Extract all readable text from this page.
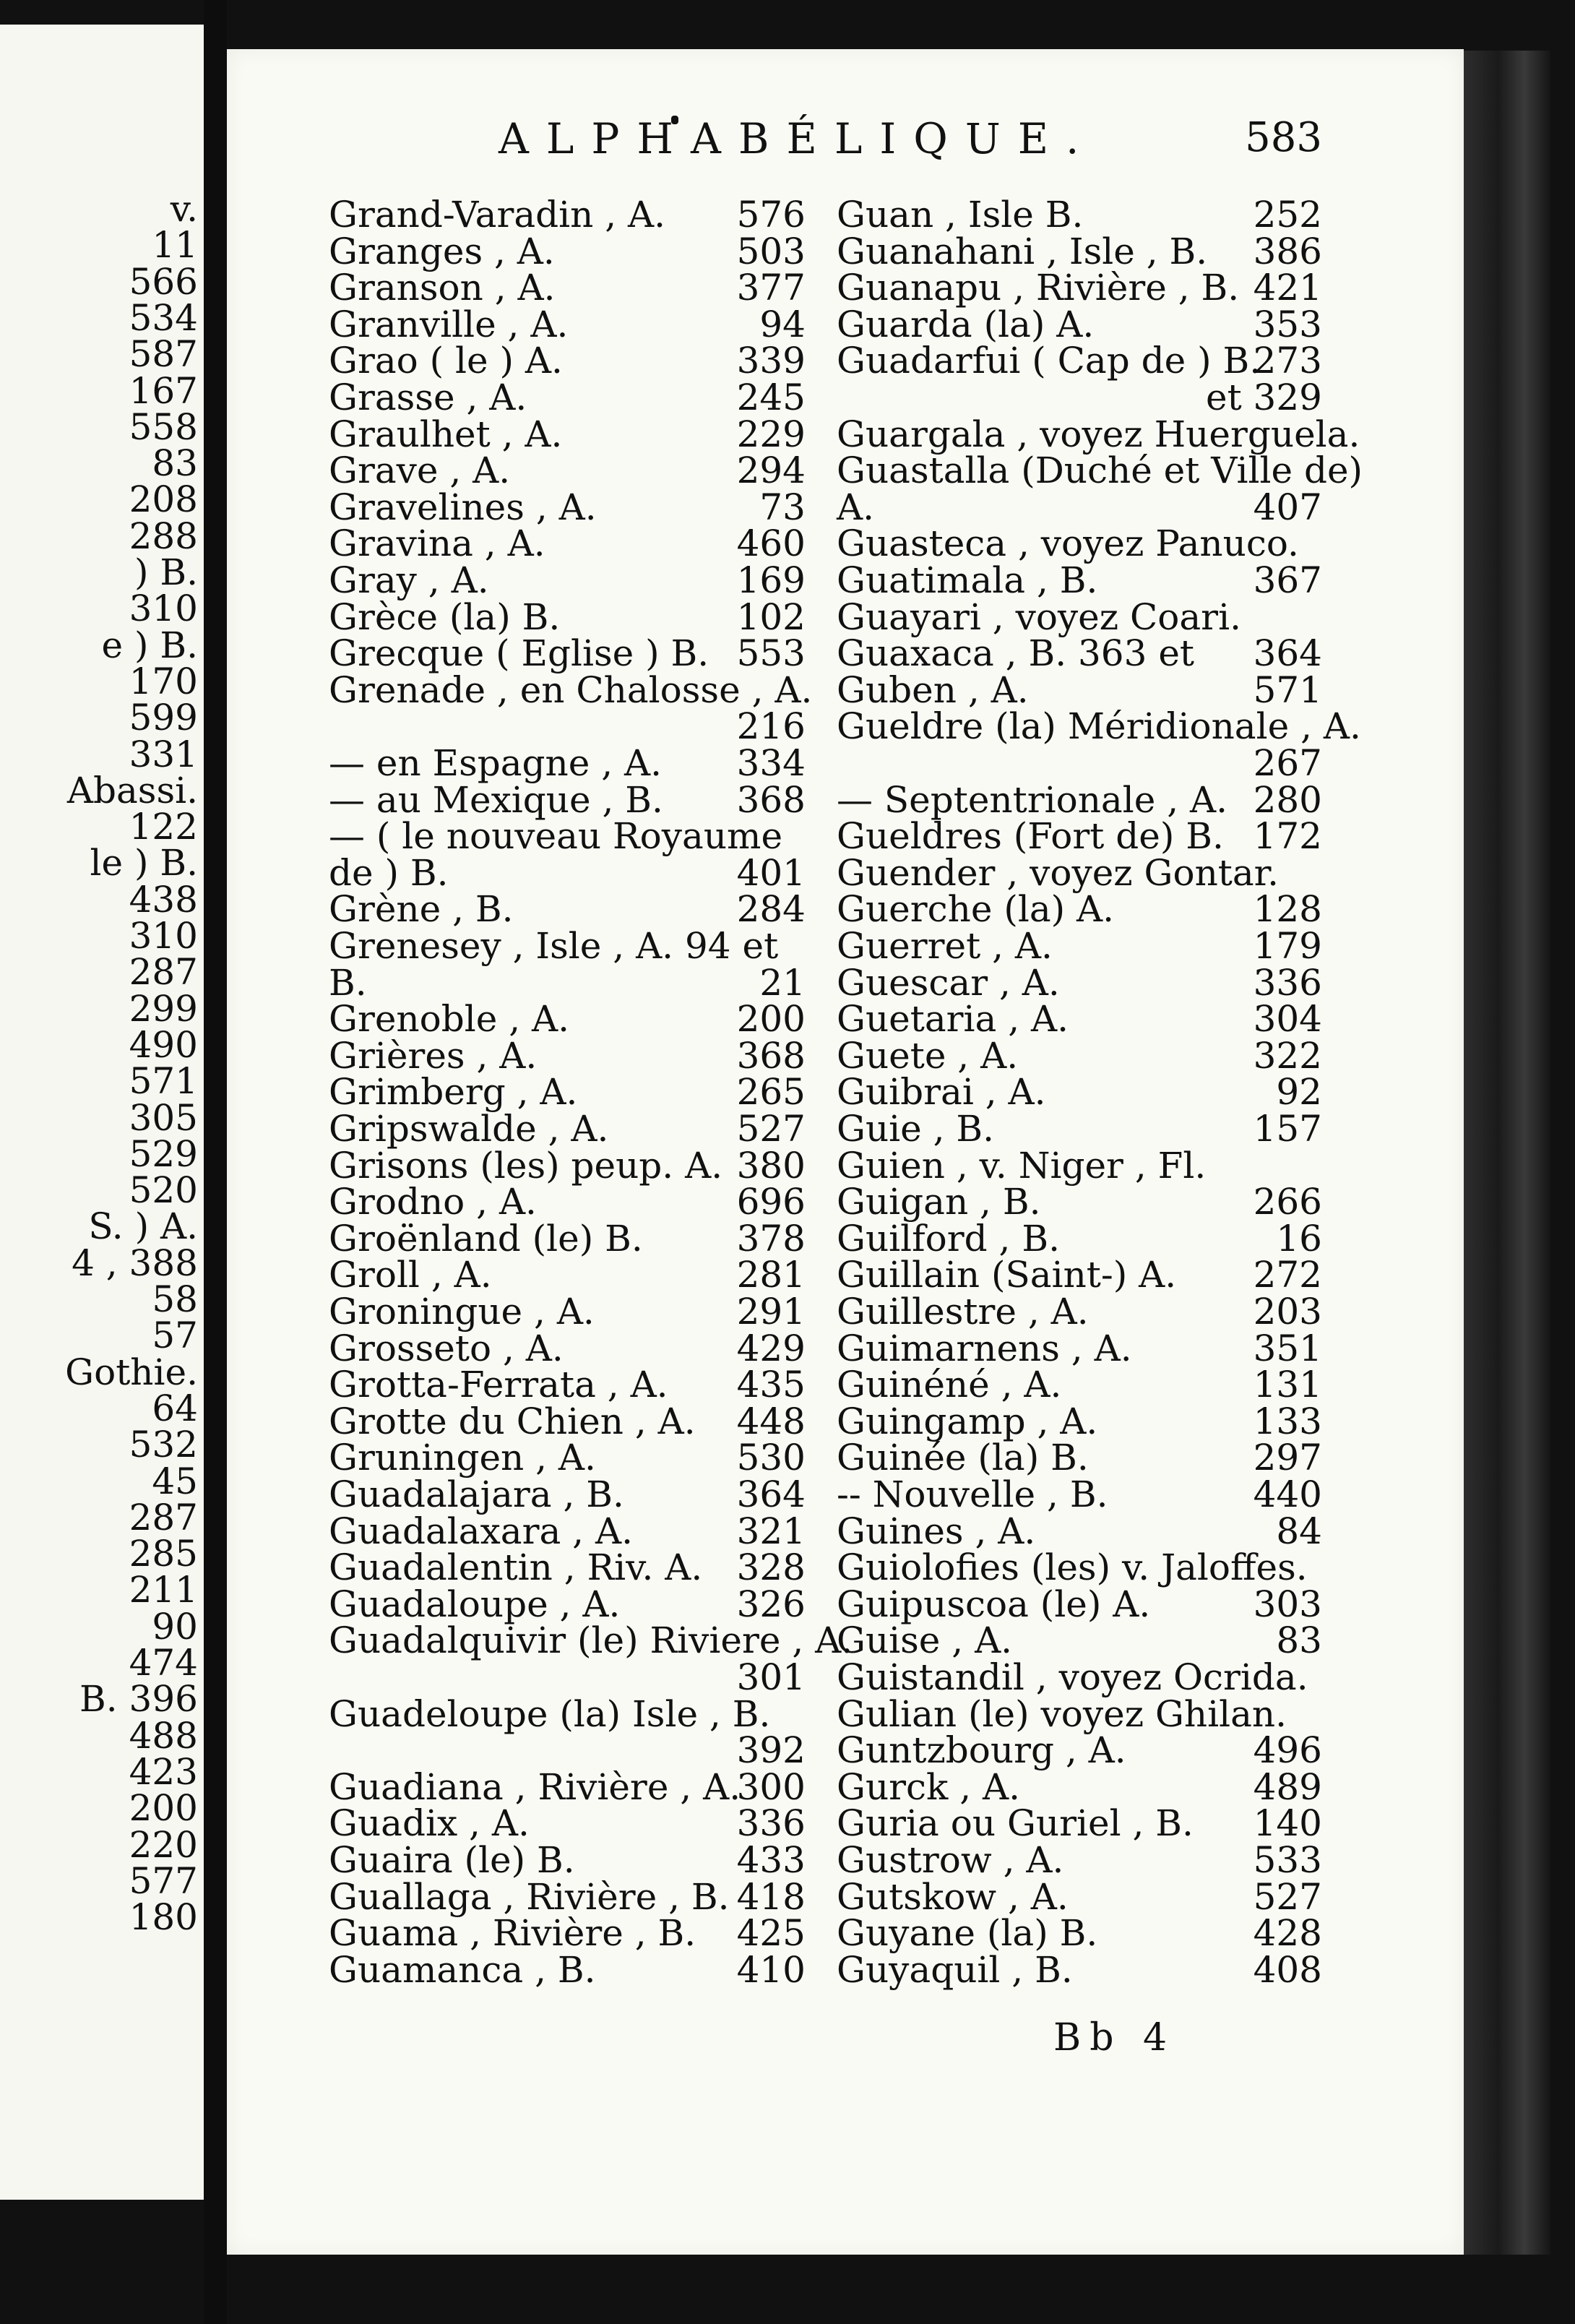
v.
11
566
534
587
167
558
83
208
288
) B.
310
e ) B.
170
599
331
Abassi.
122
le ) B.
438
310
287
299
490
571
305
529
520
S. ) A.
4 , 388
58
57
Gothie.
64
532
45
287
285
211
90
474
B. 396
488
423
200
220
577
180
ALPHABÉLIQUE.	583
Grand-Varadin , A. 576
Granges , A.	503
Granson , A.	377
Granville , A.	94
Grao ( le ) A.	339
Grasse , A.	245
Graulhet , A.	229
Grave , A.	294
Gravelines , A.	73
Gravina , A.	460
Gray , A.	169
Grèce (la) B.	102
Grecque ( Eglise ) B. 553
Grenade , en Chalosse , A.
216
— en Espagne , A. 334
— au Mexique , B. 368
— ( le nouveau Royaume
de ) B.	401
Grène , B.	284
Grenesey , Isle , A. 94 et
B.	21
Grenoble , A.	200
Grières , A.	368
Grimberg , A.	265
Gripswalde , A.	527
Grisons (les) peup. A. 380
Grodno , A.	696
Groënland (le) B.	378
Groll , A.	281
Groningue , A.	291
Grosseto , A.	429
Grotta-Ferrata , A. 435
Grotte du Chien , A. 448
Gruningen , A.	530
Guadalajara , B.	364
Guadalaxara , A.	321
Guadalentin , Riv. A. 328
Guadaloupe , A.	326
Guadalquivir (le) Riviere , A.
301
Guadeloupe (la) Isle , B.
392
Guadiana , Rivière , A.
300
Guadix , A.	336
Guaira (le) B.	433
Guallaga , Rivière , B. 418
Guama , Rivière , B. 425
Guamanca , B.	410
Guan , Isle B.	252
Guanahani , Isle , B. 386
Guanapu , Rivière , B. 421
Guarda (la) A.	353
Guadarfui ( Cap de ) B.
273
et 329
Guargala , voyez Huerguela.
Guastalla (Duché et Ville de)
A.	407
Guasteca , voyez Panuco.
Guatimala , B.	367
Guayari , voyez Coari.
Guaxaca , B. 363 et 364
Guben , A.	571
Gueldre (la) Méridionale , A.
267
— Septentrionale , A. 280
Gueldres (Fort de) B. 172
Guender , voyez Gontar.
Guerche (la) A.	128
Guerret , A.	179
Guescar , A.	336
Guetaria , A.	304
Guete , A.	322
Guibrai , A.	92
Guie , B.	157
Guien , v. Niger , Fl.
Guigan , B.	266
Guilford , B.	16
Guillain (Saint-) A. 272
Guillestre , A.	203
Guimarnens , A.	351
Guinéné , A.	131
Guingamp , A.	133
Guinée (la) B.	297
-- Nouvelle , B.	440
Guines , A.	84
Guiolofies (les) v. Jaloffes.
Guipuscoa (le) A.	303
Guise , A.	83
Guistandil , voyez Ocrida.
Gulian (le) voyez Ghilan.
Guntzbourg , A.	496
Gurck , A.	489
Guria ou Guriel , B. 140
Gustrow , A.	533
Gutskow , A.	527
Guyane (la) B.	428
Guyaquil , B.	408
Bb 4
